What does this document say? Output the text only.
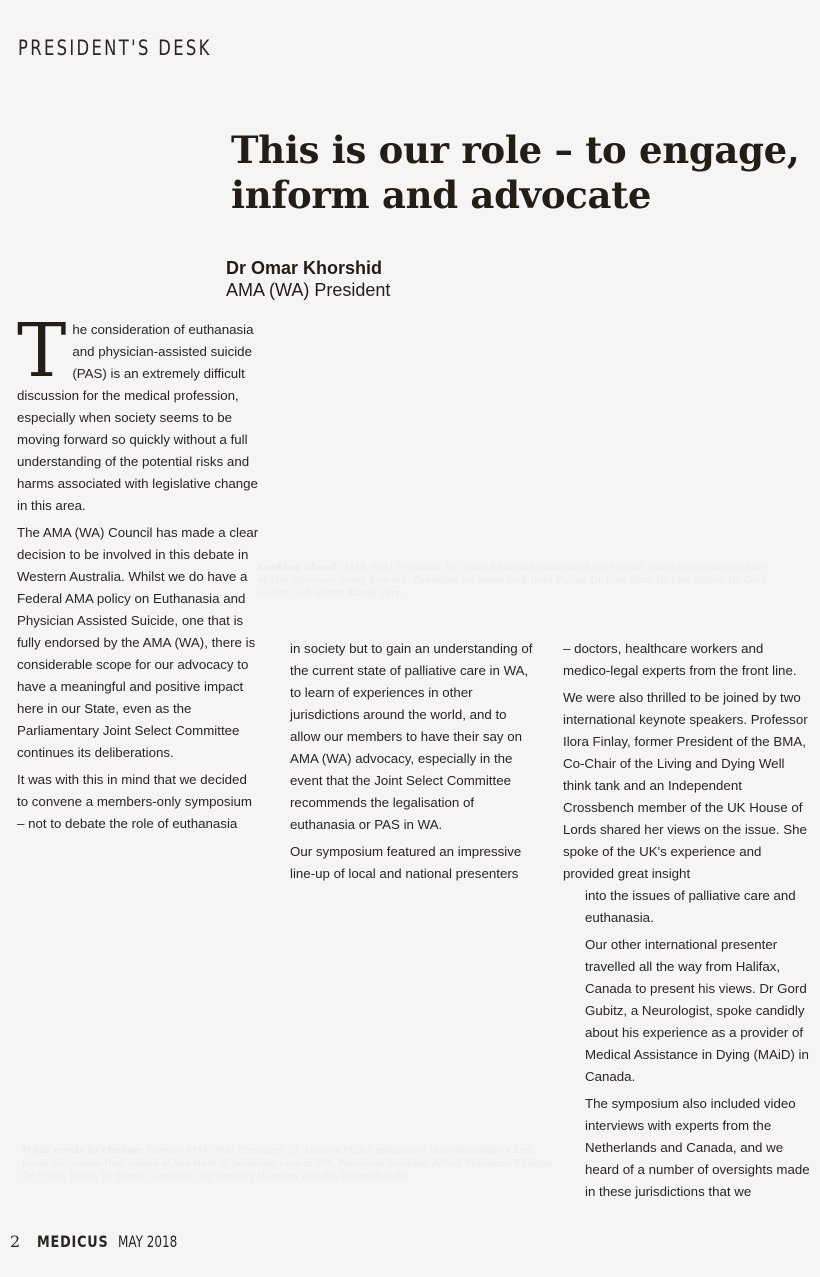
PRESIDENT'S DESK
This is our role – to engage,
inform and advocate
Dr Omar Khorshid
AMA (WA) President

The consideration of euthanasia and physician-assisted suicide (PAS) is an extremely difficult discussion for the medical profession, especially when society seems to be moving forward so quickly without a full understanding of the potential risks and harms associated with legislative change in this area.

The AMA (WA) Council has made a clear decision to be involved in this debate in Western Australia. Whilst we do have a Federal AMA policy on Euthanasia and Physician Assisted Suicide, one that is fully endorsed by the AMA (WA), there is considerable scope for our advocacy to have a meaningful and positive impact here in our State, even as the Parliamentary Joint Select Committee continues its deliberations.

It was with this in mind that we decided to convene a members-only symposium – not to debate the role of euthanasia

in society but to gain an understanding of the current state of palliative care in WA, to learn of experiences in other jurisdictions around the world, and to allow our members to have their say on AMA (WA) advocacy, especially in the event that the Joint Select Committee recommends the legalisation of euthanasia or PAS in WA.

Our symposium featured an impressive line-up of local and national presenters

– doctors, healthcare workers and medico-legal experts from the front line.

We were also thrilled to be joined by two international keynote speakers. Professor Ilora Finlay, former President of the BMA, Co-Chair of the Living and Dying Well think tank and an Independent Crossbench member of the UK House of Lords shared her views on the issue. She spoke of the UK's experience and provided great insight

into the issues of palliative care and euthanasia.

Our other international presenter travelled all the way from Halifax, Canada to present his views. Dr Gord Gubitz, a Neurologist, spoke candidly about his experience as a provider of Medical Assistance in Dying (MAiD) in Canada.

The symposium also included video interviews with experts from the Netherlands and Canada, and we heard of a number of oversights made in these jurisdictions that we

Looking ahead: AMA (WA) President Dr Omar Khorshid moderated the second panel discussion on End-of-Life advocacy going forward. Panellists included Prof Ilora Finlay, Dr Rais Birn, Dr Lisa Miller, Dr Gord Gubitz and A/Prof Alison Parr.
What needs to change: Former AMA (WA) President Dr Andrew Miller moderated the symposium's first panel discussion that looked at the state of palliative care in WA. Panellists included A/Prof Marianne Phillips, Dr Frank Jones, Dr Bruce Campbell, Dr Timothy Hawkins and Ms Deborah Cole.
2 MEDICUS MAY 2018
